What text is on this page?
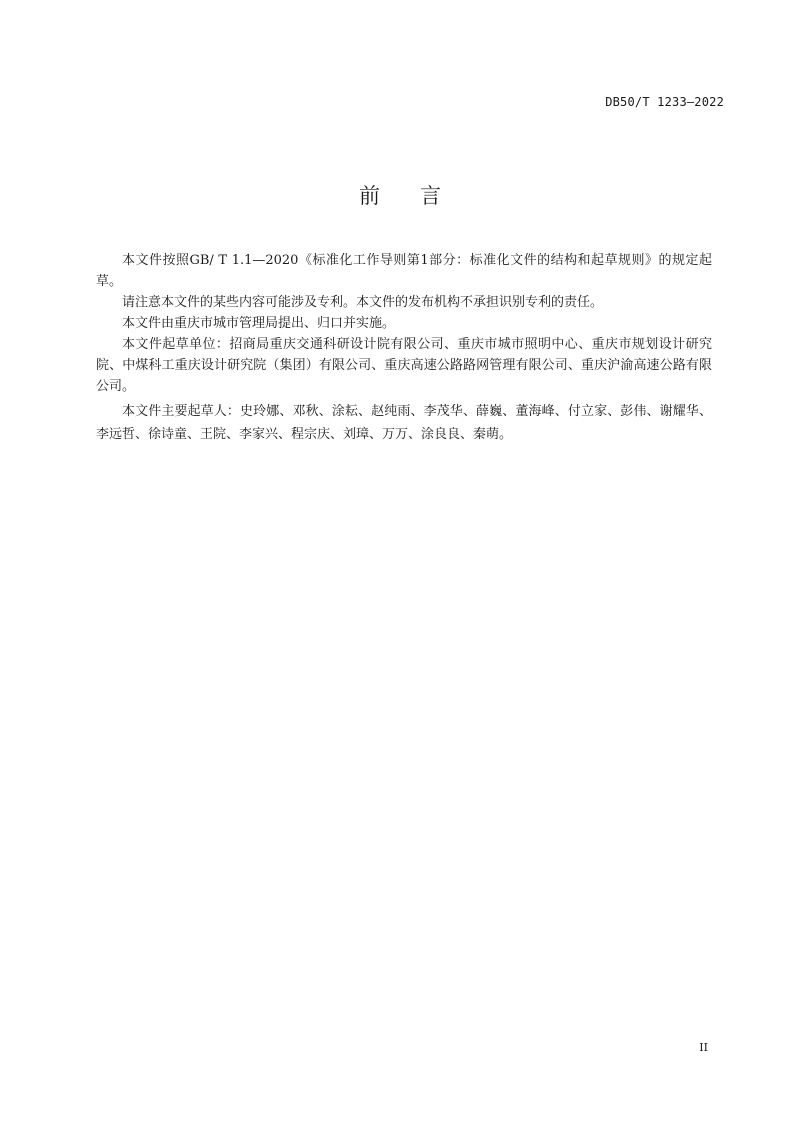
DB50/T 1233—2022
前言

本文件按照GB/ T 1.1—2020《标准化工作导则第1部分：标准化文件的结构和起草规则》的规定起草。

请注意本文件的某些内容可能涉及专利。本文件的发布机构不承担识别专利的责任。

本文件由重庆市城市管理局提出、归口并实施。

本文件起草单位：招商局重庆交通科研设计院有限公司、重庆市城市照明中心、重庆市规划设计研究院、中煤科工重庆设计研究院（集团）有限公司、重庆高速公路路网管理有限公司、重庆沪渝高速公路有限公司。

本文件主要起草人：史玲娜、邓秋、涂耘、赵纯雨、李茂华、薛巍、董海峰、付立家、彭伟、谢耀华、李远哲、徐诗童、王院、李家兴、程宗庆、刘璋、万万、涂良良、秦萌。

II
